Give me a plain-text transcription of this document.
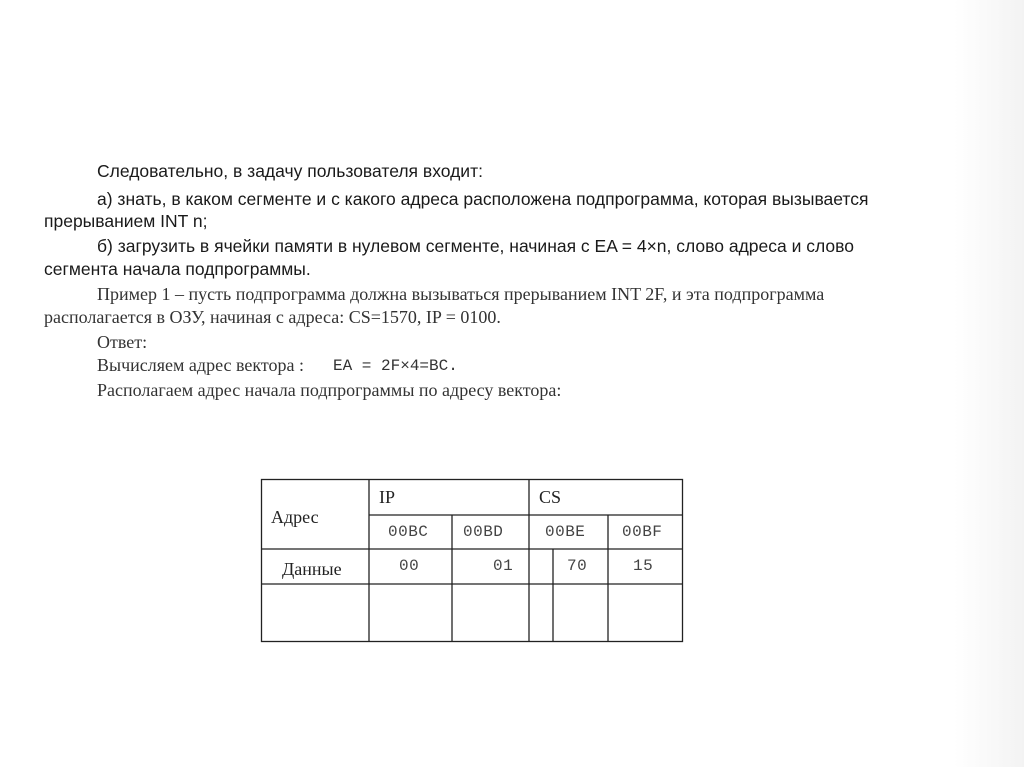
Следовательно, в задачу пользователя входит:
а) знать, в каком сегменте и с какого адреса расположена подпрограмма, которая вызывается
прерыванием INT n;
б) загрузить в ячейки памяти в нулевом сегменте, начиная с EA = 4×n, слово адреса и слово
сегмента начала подпрограммы.
Пример 1 – пусть подпрограмма должна вызываться прерыванием INT 2F, и эта подпрограмма
располагается в ОЗУ, начиная с адреса: CS=1570, IP = 0100.
Ответ:
Вычисляем адрес вектора : EA = 2F×4=BC.
Располагаем адрес начала подпрограммы по адресу вектора:
Адрес
IP	CS
00BC 00BD	00BE 00BF
Данные	00	01	70	15
